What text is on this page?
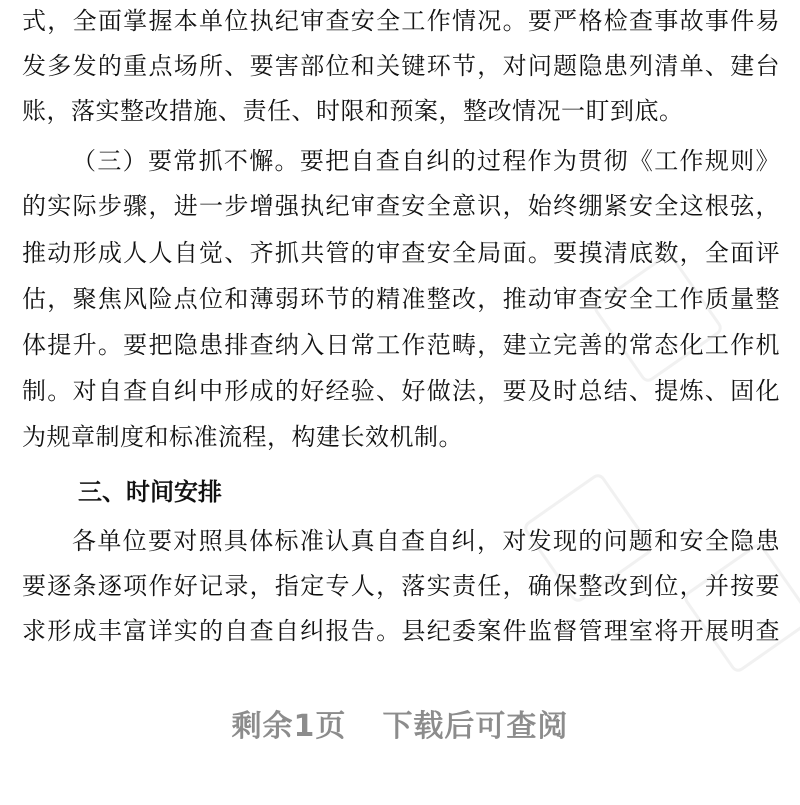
式，全面掌握本单位执纪审查安全工作情况。要严格检查事故事件易
发多发的重点场所、要害部位和关键环节，对问题隐患列清单、建台
账，落实整改措施、责任、时限和预案，整改情况一盯到底。
（三）要常抓不懈。要把自查自纠的过程作为贯彻《工作规则》
的实际步骤，进一步增强执纪审查安全意识，始终绷紧安全这根弦，
推动形成人人自觉、齐抓共管的审查安全局面。要摸清底数，全面评
估，聚焦风险点位和薄弱环节的精准整改，推动审查安全工作质量整
体提升。要把隐患排查纳入日常工作范畴，建立完善的常态化工作机
制。对自查自纠中形成的好经验、好做法，要及时总结、提炼、固化
为规章制度和标准流程，构建长效机制。
三、时间安排
各单位要对照具体标准认真自查自纠，对发现的问题和安全隐患
要逐条逐项作好记录，指定专人，落实责任，确保整改到位，并按要
求形成丰富详实的自查自纠报告。县纪委案件监督管理室将开展明查
剩余1页 下载后可查阅
